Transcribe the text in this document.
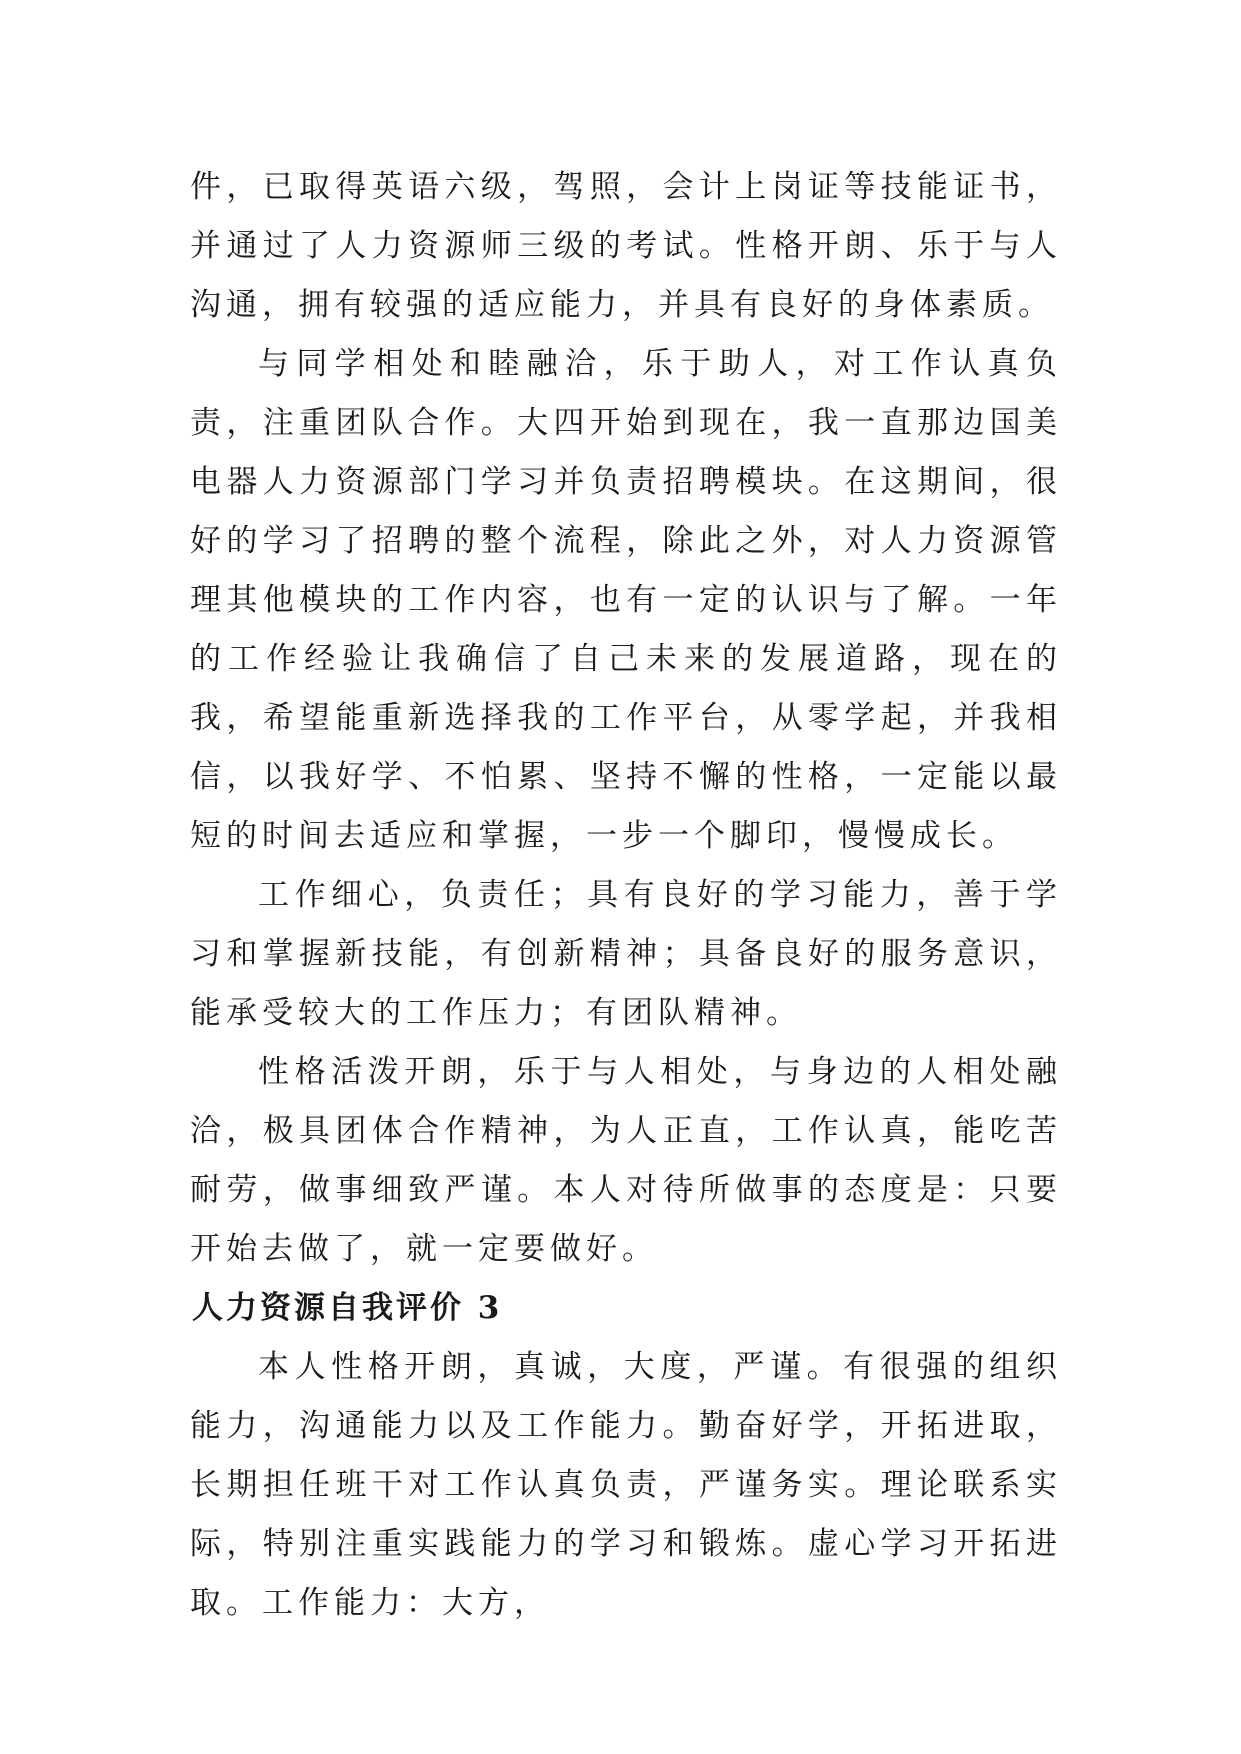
件，已取得英语六级，驾照，会计上岗证等技能证书，并通过了人力资源师三级的考试。性格开朗、乐于与人沟通，拥有较强的适应能力，并具有良好的身体素质。

与同学相处和睦融洽，乐于助人，对工作认真负责，注重团队合作。大四开始到现在，我一直那边国美电器人力资源部门学习并负责招聘模块。在这期间，很好的学习了招聘的整个流程，除此之外，对人力资源管理其他模块的工作内容，也有一定的认识与了解。一年的工作经验让我确信了自己未来的发展道路，现在的我，希望能重新选择我的工作平台，从零学起，并我相信，以我好学、不怕累、坚持不懈的性格，一定能以最短的时间去适应和掌握，一步一个脚印，慢慢成长。

工作细心，负责任；具有良好的学习能力，善于学习和掌握新技能，有创新精神；具备良好的服务意识，能承受较大的工作压力；有团队精神。

性格活泼开朗，乐于与人相处，与身边的人相处融洽，极具团体合作精神，为人正直，工作认真，能吃苦耐劳，做事细致严谨。本人对待所做事的态度是：只要开始去做了，就一定要做好。

人力资源自我评价 3

本人性格开朗，真诚，大度，严谨。有很强的组织能力，沟通能力以及工作能力。勤奋好学，开拓进取，长期担任班干对工作认真负责，严谨务实。理论联系实际，特别注重实践能力的学习和锻炼。虚心学习开拓进取。工作能力：大方，
